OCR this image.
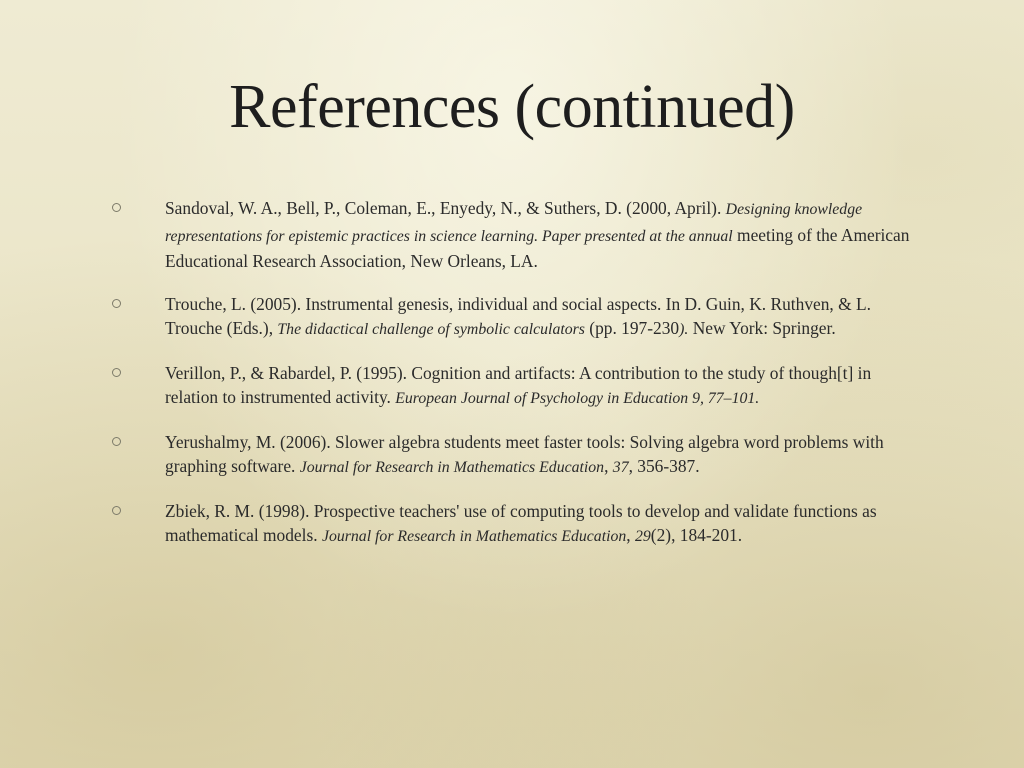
References (continued)
Sandoval, W. A., Bell, P., Coleman, E., Enyedy, N., & Suthers, D. (2000, April). Designing knowledge representations for epistemic practices in science learning. Paper presented at the annual meeting of the American Educational Research Association, New Orleans, LA.
Trouche, L. (2005). Instrumental genesis, individual and social aspects. In D. Guin, K. Ruthven, & L. Trouche (Eds.), The didactical challenge of symbolic calculators (pp. 197-230). New York: Springer.
Verillon, P., & Rabardel, P. (1995). Cognition and artifacts: A contribution to the study of though[t] in relation to instrumented activity. European Journal of Psychology in Education 9, 77–101.
Yerushalmy, M. (2006). Slower algebra students meet faster tools: Solving algebra word problems with graphing software. Journal for Research in Mathematics Education, 37, 356-387.
Zbiek, R. M. (1998). Prospective teachers' use of computing tools to develop and validate functions as mathematical models. Journal for Research in Mathematics Education, 29(2), 184-201.
